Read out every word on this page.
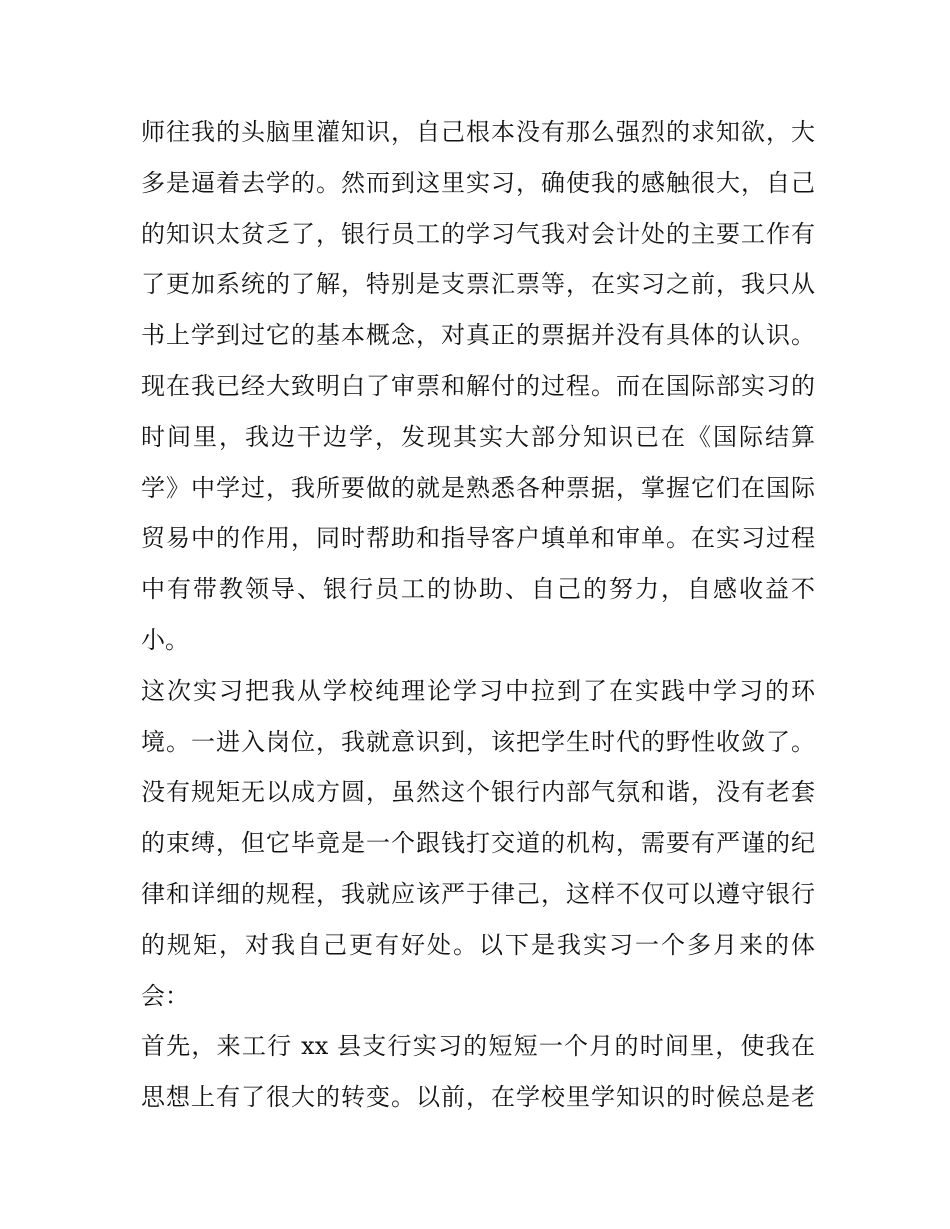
师往我的头脑里灌知识，自己根本没有那么强烈的求知欲，大
多是逼着去学的。然而到这里实习，确使我的感触很大，自己
的知识太贫乏了，银行员工的学习气我对会计处的主要工作有
了更加系统的了解，特别是支票汇票等，在实习之前，我只从
书上学到过它的基本概念，对真正的票据并没有具体的认识。
现在我已经大致明白了审票和解付的过程。而在国际部实习的
时间里，我边干边学，发现其实大部分知识已在《国际结算
学》中学过，我所要做的就是熟悉各种票据，掌握它们在国际
贸易中的作用，同时帮助和指导客户填单和审单。在实习过程
中有带教领导、银行员工的协助、自己的努力，自感收益不
小。
这次实习把我从学校纯理论学习中拉到了在实践中学习的环
境。一进入岗位，我就意识到，该把学生时代的野性收敛了。
没有规矩无以成方圆，虽然这个银行内部气氛和谐，没有老套
的束缚，但它毕竟是一个跟钱打交道的机构，需要有严谨的纪
律和详细的规程，我就应该严于律己，这样不仅可以遵守银行
的规矩，对我自己更有好处。以下是我实习一个多月来的体
会：
首先，来工行 xx 县支行实习的短短一个月的时间里，使我在
思想上有了很大的转变。以前，在学校里学知识的时候总是老
